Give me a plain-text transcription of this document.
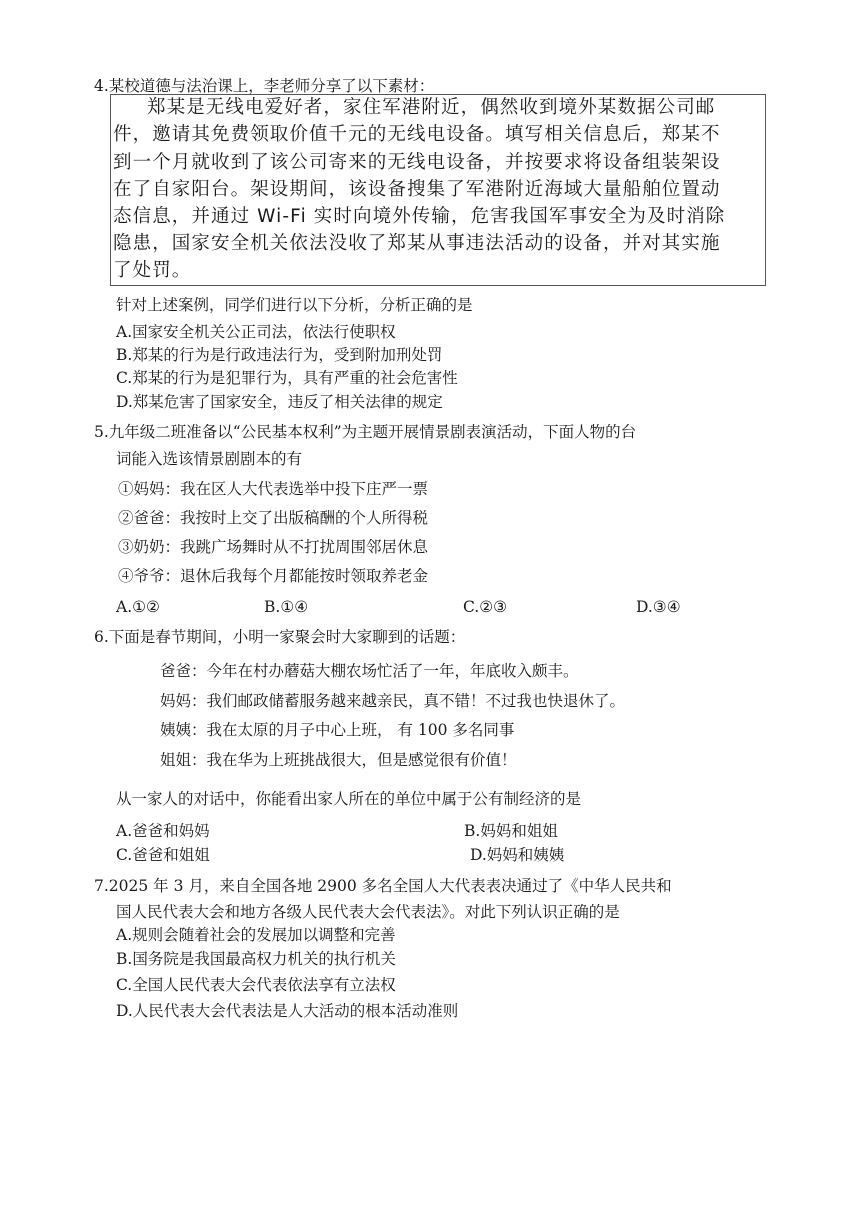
4.某校道德与法治课上，李老师分享了以下素材：
郑某是无线电爱好者，家住军港附近，偶然收到境外某数据公司邮
件，邀请其免费领取价值千元的无线电设备。填写相关信息后，郑某不
到一个月就收到了该公司寄来的无线电设备，并按要求将设备组装架设
在了自家阳台。架设期间，该设备搜集了军港附近海域大量船舶位置动
态信息，并通过 Wi-Fi 实时向境外传输，危害我国军事安全为及时消除
隐患，国家安全机关依法没收了郑某从事违法活动的设备，并对其实施
了处罚。
针对上述案例，同学们进行以下分析，分析正确的是
A.国家安全机关公正司法，依法行使职权
B.郑某的行为是行政违法行为，受到附加刑处罚
C.郑某的行为是犯罪行为，具有严重的社会危害性
D.郑某危害了国家安全，违反了相关法律的规定
5.九年级二班准备以“公民基本权利”为主题开展情景剧表演活动，下面人物的台
词能入选该情景剧剧本的有
①妈妈：我在区人大代表选举中投下庄严一票
②爸爸：我按时上交了出版稿酬的个人所得税
③奶奶：我跳广场舞时从不打扰周围邻居休息
④爷爷：退休后我每个月都能按时领取养老金
A.①②	B.①④	C.②③	D.③④
6.下面是春节期间，小明一家聚会时大家聊到的话题：
爸爸：今年在村办蘑菇大棚农场忙活了一年，年底收入颇丰。
妈妈：我们邮政储蓄服务越来越亲民，真不错！不过我也快退休了。
姨姨：我在太原的月子中心上班， 有 100 多名同事
姐姐：我在华为上班挑战很大，但是感觉很有价值！
从一家人的对话中，你能看出家人所在的单位中属于公有制经济的是
A.爸爸和妈妈	B.妈妈和姐姐
C.爸爸和姐姐	D.妈妈和姨姨
7.2025 年 3 月，来自全国各地 2900 多名全国人大代表表决通过了《中华人民共和
国人民代表大会和地方各级人民代表大会代表法》。对此下列认识正确的是
A.规则会随着社会的发展加以调整和完善
B.国务院是我国最高权力机关的执行机关
C.全国人民代表大会代表依法享有立法权
D.人民代表大会代表法是人大活动的根本活动准则
